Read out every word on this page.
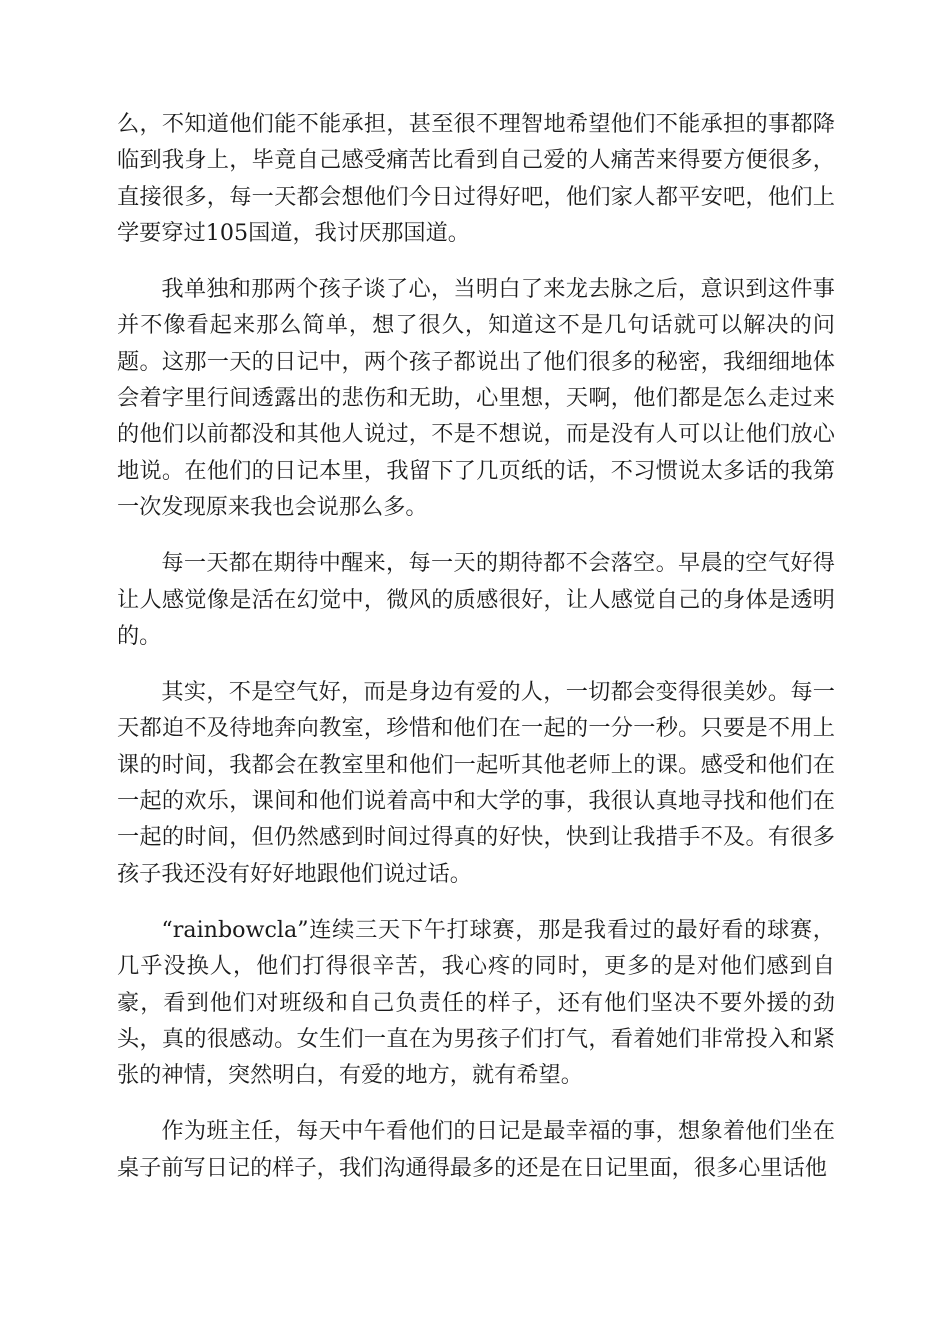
么，不知道他们能不能承担，甚至很不理智地希望他们不能承担的事都降临到我身上，毕竟自己感受痛苦比看到自己爱的人痛苦来得要方便很多，直接很多，每一天都会想他们今日过得好吧，他们家人都平安吧，他们上学要穿过105国道，我讨厌那国道。

我单独和那两个孩子谈了心，当明白了来龙去脉之后，意识到这件事并不像看起来那么简单，想了很久，知道这不是几句话就可以解决的问题。这那一天的日记中，两个孩子都说出了他们很多的秘密，我细细地体会着字里行间透露出的悲伤和无助，心里想，天啊，他们都是怎么走过来的他们以前都没和其他人说过，不是不想说，而是没有人可以让他们放心地说。在他们的日记本里，我留下了几页纸的话，不习惯说太多话的我第一次发现原来我也会说那么多。

每一天都在期待中醒来，每一天的期待都不会落空。早晨的空气好得让人感觉像是活在幻觉中，微风的质感很好，让人感觉自己的身体是透明的。

其实，不是空气好，而是身边有爱的人，一切都会变得很美妙。每一天都迫不及待地奔向教室，珍惜和他们在一起的一分一秒。只要是不用上课的时间，我都会在教室里和他们一起听其他老师上的课。感受和他们在一起的欢乐，课间和他们说着高中和大学的事，我很认真地寻找和他们在一起的时间，但仍然感到时间过得真的好快，快到让我措手不及。有很多孩子我还没有好好地跟他们说过话。

“rainbowcla”连续三天下午打球赛，那是我看过的最好看的球赛，几乎没换人，他们打得很辛苦，我心疼的同时，更多的是对他们感到自豪，看到他们对班级和自己负责任的样子，还有他们坚决不要外援的劲头，真的很感动。女生们一直在为男孩子们打气，看着她们非常投入和紧张的神情，突然明白，有爱的地方，就有希望。

作为班主任，每天中午看他们的日记是最幸福的事，想象着他们坐在桌子前写日记的样子，我们沟通得最多的还是在日记里面，很多心里话他
